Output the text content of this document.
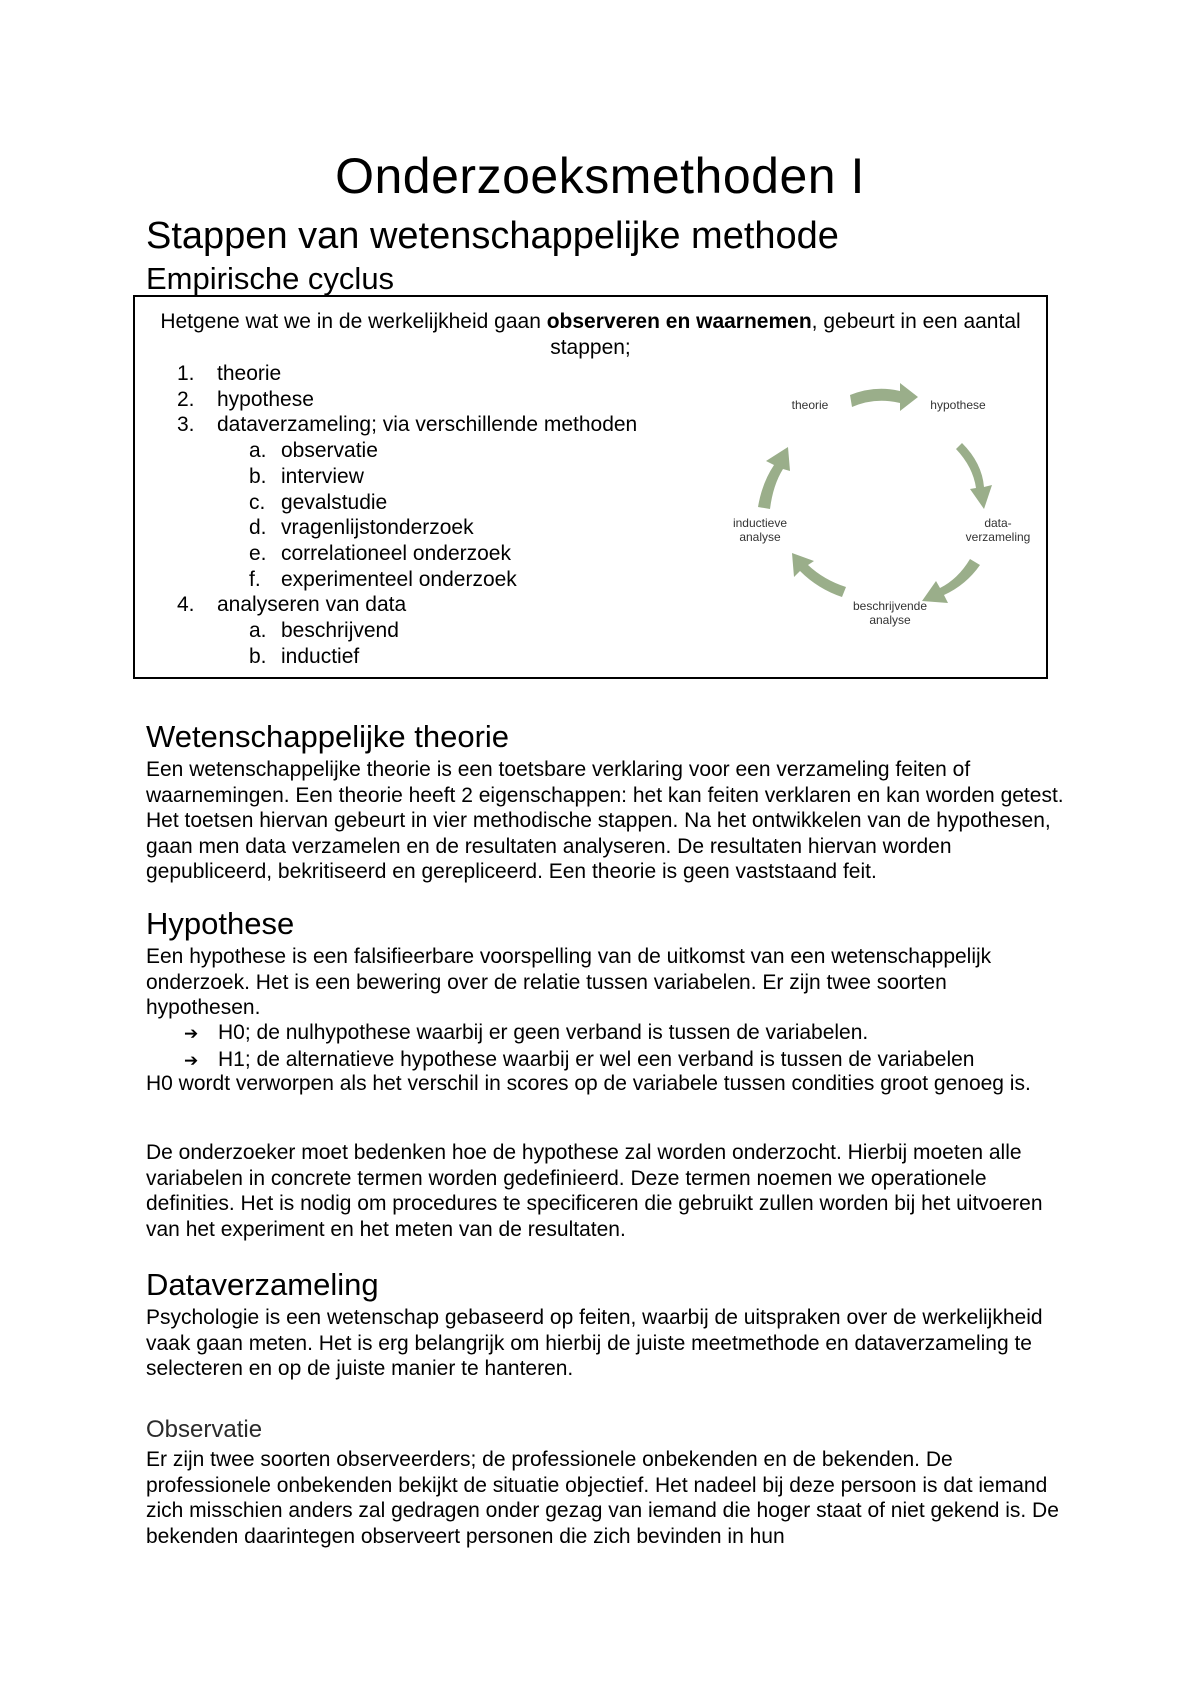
Onderzoeksmethoden I
Stappen van wetenschappelijke methode
Empirische cyclus

Hetgene wat we in de werkelijkheid gaan observeren en waarnemen, gebeurt in een aantal stappen;

1. theorie
2. hypothese
3. dataverzameling; via verschillende methoden
a. observatie
b. interview
c. gevalstudie
d. vragenlijstonderzoek
e. correlationeel onderzoek
f. experimenteel onderzoek
4. analyseren van data
a. beschrijvend
b. inductief
theorie	hypothese
data-
verzameling
beschrijvende
analyse
inductieve
analyse
Wetenschappelijke theorie

Een wetenschappelijke theorie is een toetsbare verklaring voor een verzameling feiten of waarnemingen. Een theorie heeft 2 eigenschappen: het kan feiten verklaren en kan worden getest. Het toetsen hiervan gebeurt in vier methodische stappen. Na het ontwikkelen van de hypothesen, gaan men data verzamelen en de resultaten analyseren. De resultaten hiervan worden gepubliceerd, bekritiseerd en gerepliceerd. Een theorie is geen vaststaand feit.

Hypothese

Een hypothese is een falsifieerbare voorspelling van de uitkomst van een wetenschappelijk onderzoek. Het is een bewering over de relatie tussen variabelen. Er zijn twee soorten hypothesen.

➔ H0; de nulhypothese waarbij er geen verband is tussen de variabelen.
➔ H1; de alternatieve hypothese waarbij er wel een verband is tussen de variabelen

H0 wordt verworpen als het verschil in scores op de variabele tussen condities groot genoeg is.

De onderzoeker moet bedenken hoe de hypothese zal worden onderzocht. Hierbij moeten alle variabelen in concrete termen worden gedefinieerd. Deze termen noemen we operationele definities. Het is nodig om procedures te specificeren die gebruikt zullen worden bij het uitvoeren van het experiment en het meten van de resultaten.

Dataverzameling

Psychologie is een wetenschap gebaseerd op feiten, waarbij de uitspraken over de werkelijkheid vaak gaan meten. Het is erg belangrijk om hierbij de juiste meetmethode en dataverzameling te selecteren en op de juiste manier te hanteren.

Observatie

Er zijn twee soorten observeerders; de professionele onbekenden en de bekenden. De professionele onbekenden bekijkt de situatie objectief. Het nadeel bij deze persoon is dat iemand zich misschien anders zal gedragen onder gezag van iemand die hoger staat of niet gekend is. De bekenden daarintegen observeert personen die zich bevinden in hun
